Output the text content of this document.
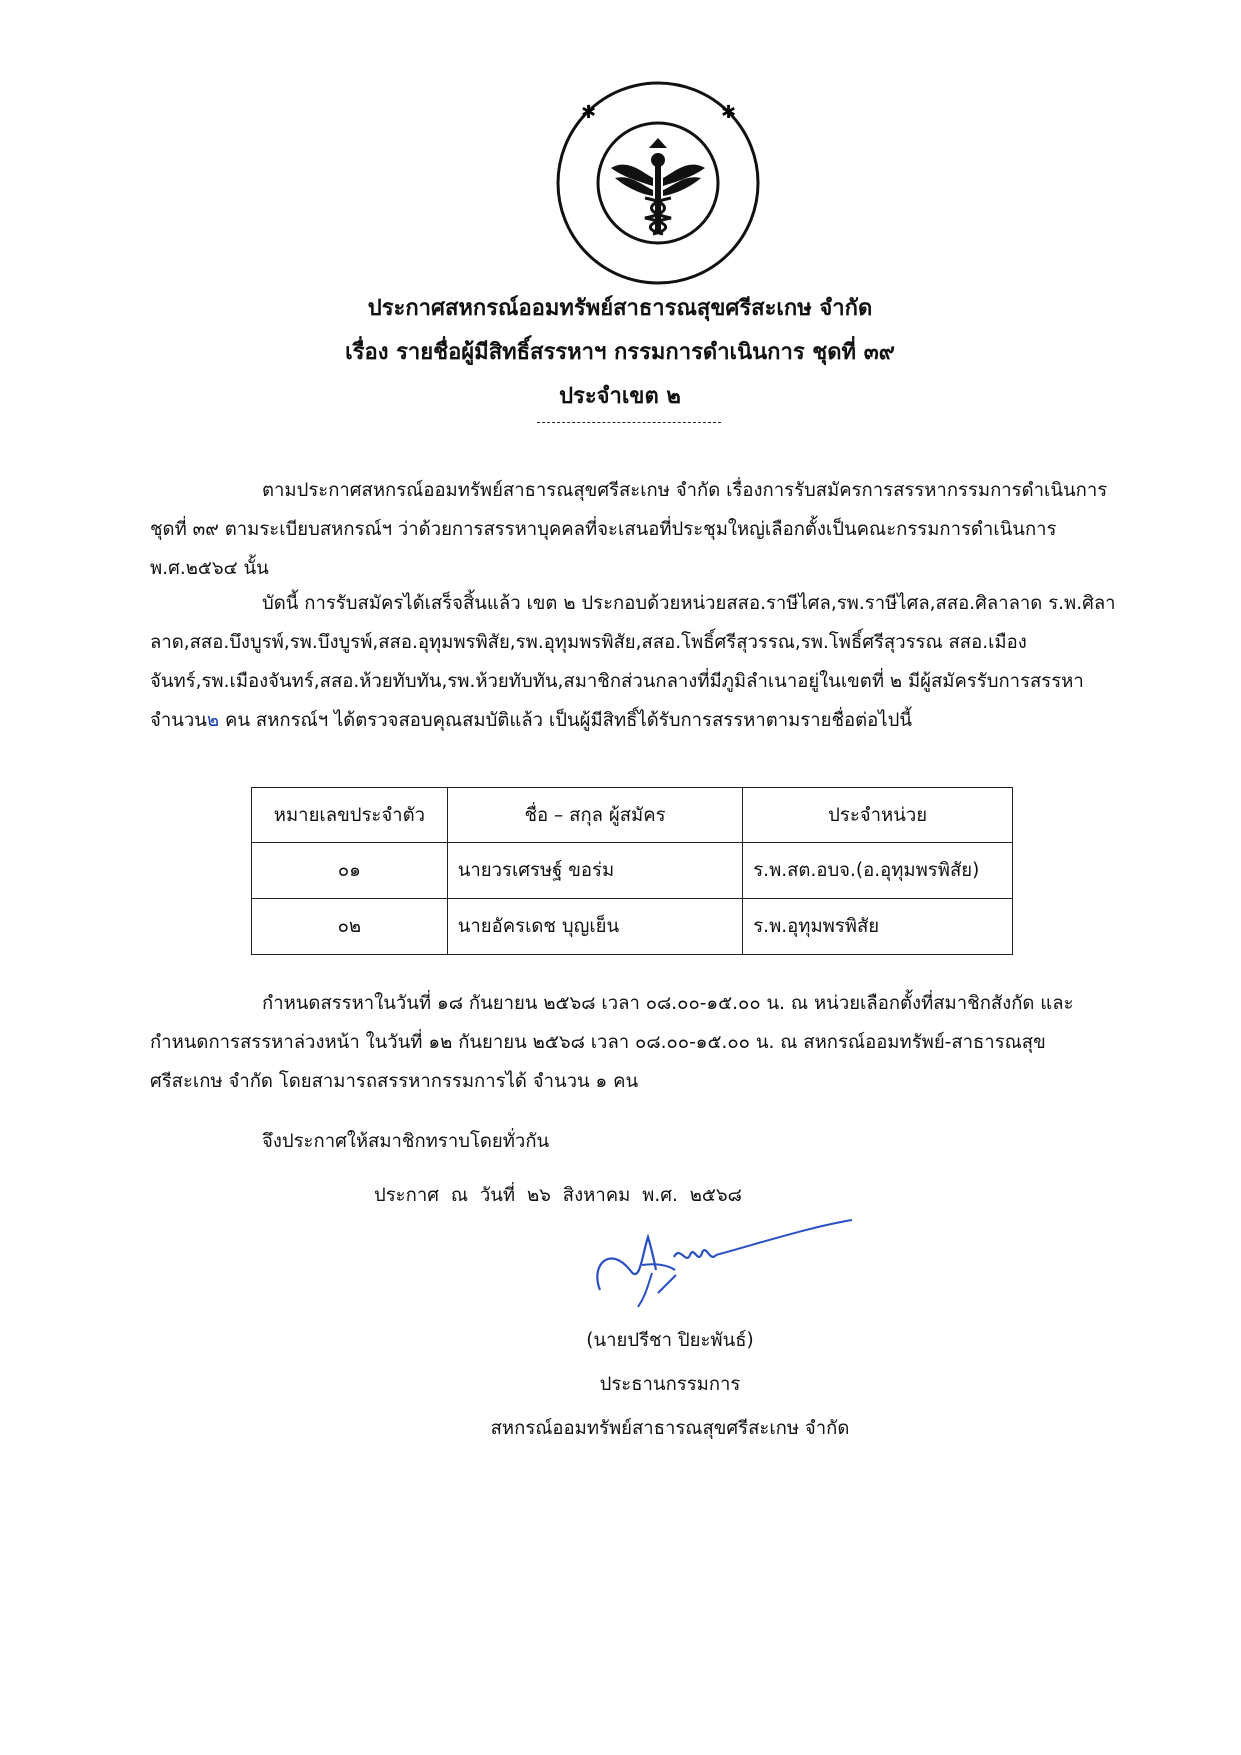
✱	✱
ประกาศสหกรณ์ออมทรัพย์สาธารณสุขศรีสะเกษ จำกัด
เรื่อง รายชื่อผู้มีสิทธิ์สรรหาฯ กรรมการดำเนินการ ชุดที่ ๓๙
ประจำเขต ๒

ตามประกาศสหกรณ์ออมทรัพย์สาธารณสุขศรีสะเกษ จำกัด เรื่องการรับสมัครการสรรหากรรมการดำเนินการ ชุดที่ ๓๙ ตามระเบียบสหกรณ์ฯ ว่าด้วยการสรรหาบุคคลที่จะเสนอที่ประชุมใหญ่เลือกตั้งเป็นคณะกรรมการดำเนินการ พ.ศ.๒๕๖๔ นั้น

บัดนี้ การรับสมัครได้เสร็จสิ้นแล้ว เขต ๒ ประกอบด้วยหน่วยสสอ.ราษีไศล,รพ.ราษีไศล,สสอ.ศิลาลาด ร.พ.ศิลาลาด,สสอ.บึงบูรพ์,รพ.บึงบูรพ์,สสอ.อุทุมพรพิสัย,รพ.อุทุมพรพิสัย,สสอ.โพธิ์ศรีสุวรรณ,รพ.โพธิ์ศรีสุวรรณ สสอ.เมืองจันทร์,รพ.เมืองจันทร์,สสอ.ห้วยทับทัน,รพ.ห้วยทับทัน,สมาชิกส่วนกลางที่มีภูมิลำเนาอยู่ในเขตที่ ๒ มีผู้สมัครรับการสรรหา จำนวน๒ คน สหกรณ์ฯ ได้ตรวจสอบคุณสมบัติแล้ว เป็นผู้มีสิทธิ์ได้รับการสรรหาตามรายชื่อต่อไปนี้

หมายเลขประจำตัว	ชื่อ – สกุล ผู้สมัคร	ประจำหน่วย
๐๑	นายวรเศรษฐ์ ขอร่ม	ร.พ.สต.อบจ.(อ.อุทุมพรพิสัย)
๐๒	นายอัครเดช บุญเย็น	ร.พ.อุทุมพรพิสัย

กำหนดสรรหาในวันที่ ๑๘ กันยายน ๒๕๖๘ เวลา ๐๘.๐๐-๑๕.๐๐ น. ณ หน่วยเลือกตั้งที่สมาชิกสังกัด และกำหนดการสรรหาล่วงหน้า ในวันที่ ๑๒ กันยายน ๒๕๖๘ เวลา ๐๘.๐๐-๑๕.๐๐ น. ณ สหกรณ์ออมทรัพย์-สาธารณสุขศรีสะเกษ จำกัด โดยสามารถสรรหากรรมการได้ จำนวน ๑ คน

จึงประกาศให้สมาชิกทราบโดยทั่วกัน

ประกาศ ณ วันที่ ๒๖ สิงหาคม พ.ศ. ๒๕๖๘
(นายปรีชา ปิยะพันธ์)
ประธานกรรมการ
สหกรณ์ออมทรัพย์สาธารณสุขศรีสะเกษ จำกัด
